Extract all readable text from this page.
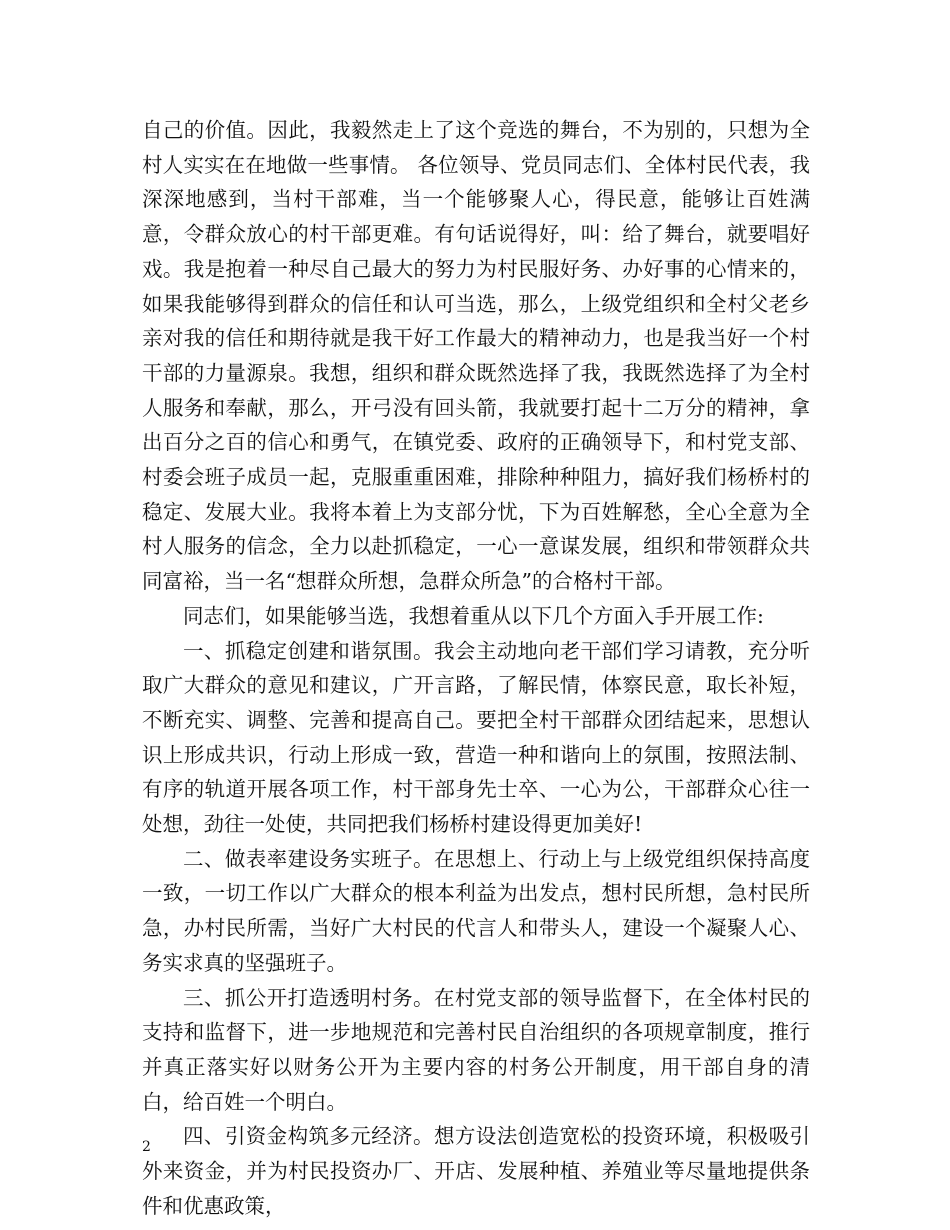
自己的价值。因此，我毅然走上了这个竞选的舞台，不为别的，只想为全村人实实在在地做一些事情。 各位领导、党员同志们、全体村民代表，我深深地感到，当村干部难，当一个能够聚人心，得民意，能够让百姓满意，令群众放心的村干部更难。有句话说得好，叫：给了舞台，就要唱好戏。我是抱着一种尽自己最大的努力为村民服好务、办好事的心情来的，如果我能够得到群众的信任和认可当选，那么，上级党组织和全村父老乡亲对我的信任和期待就是我干好工作最大的精神动力，也是我当好一个村干部的力量源泉。我想，组织和群众既然选择了我，我既然选择了为全村人服务和奉献，那么，开弓没有回头箭，我就要打起十二万分的精神，拿出百分之百的信心和勇气，在镇党委、政府的正确领导下，和村党支部、村委会班子成员一起，克服重重困难，排除种种阻力，搞好我们杨桥村的稳定、发展大业。我将本着上为支部分忧，下为百姓解愁，全心全意为全村人服务的信念，全力以赴抓稳定，一心一意谋发展，组织和带领群众共同富裕，当一名“想群众所想，急群众所急”的合格村干部。

同志们，如果能够当选，我想着重从以下几个方面入手开展工作:

一、抓稳定创建和谐氛围。我会主动地向老干部们学习请教，充分听取广大群众的意见和建议，广开言路，了解民情，体察民意，取长补短，不断充实、调整、完善和提高自己。要把全村干部群众团结起来，思想认识上形成共识，行动上形成一致，营造一种和谐向上的氛围，按照法制、有序的轨道开展各项工作，村干部身先士卒、一心为公，干部群众心往一处想，劲往一处使，共同把我们杨桥村建设得更加美好!

二、做表率建设务实班子。在思想上、行动上与上级党组织保持高度一致，一切工作以广大群众的根本利益为出发点，想村民所想，急村民所急，办村民所需，当好广大村民的代言人和带头人，建设一个凝聚人心、务实求真的坚强班子。

三、抓公开打造透明村务。在村党支部的领导监督下，在全体村民的支持和监督下，进一步地规范和完善村民自治组织的各项规章制度，推行并真正落实好以财务公开为主要内容的村务公开制度，用干部自身的清白，给百姓一个明白。

四、引资金构筑多元经济。想方设法创造宽松的投资环境，积极吸引外来资金，并为村民投资办厂、开店、发展种植、养殖业等尽量地提供条件和优惠政策，

2
